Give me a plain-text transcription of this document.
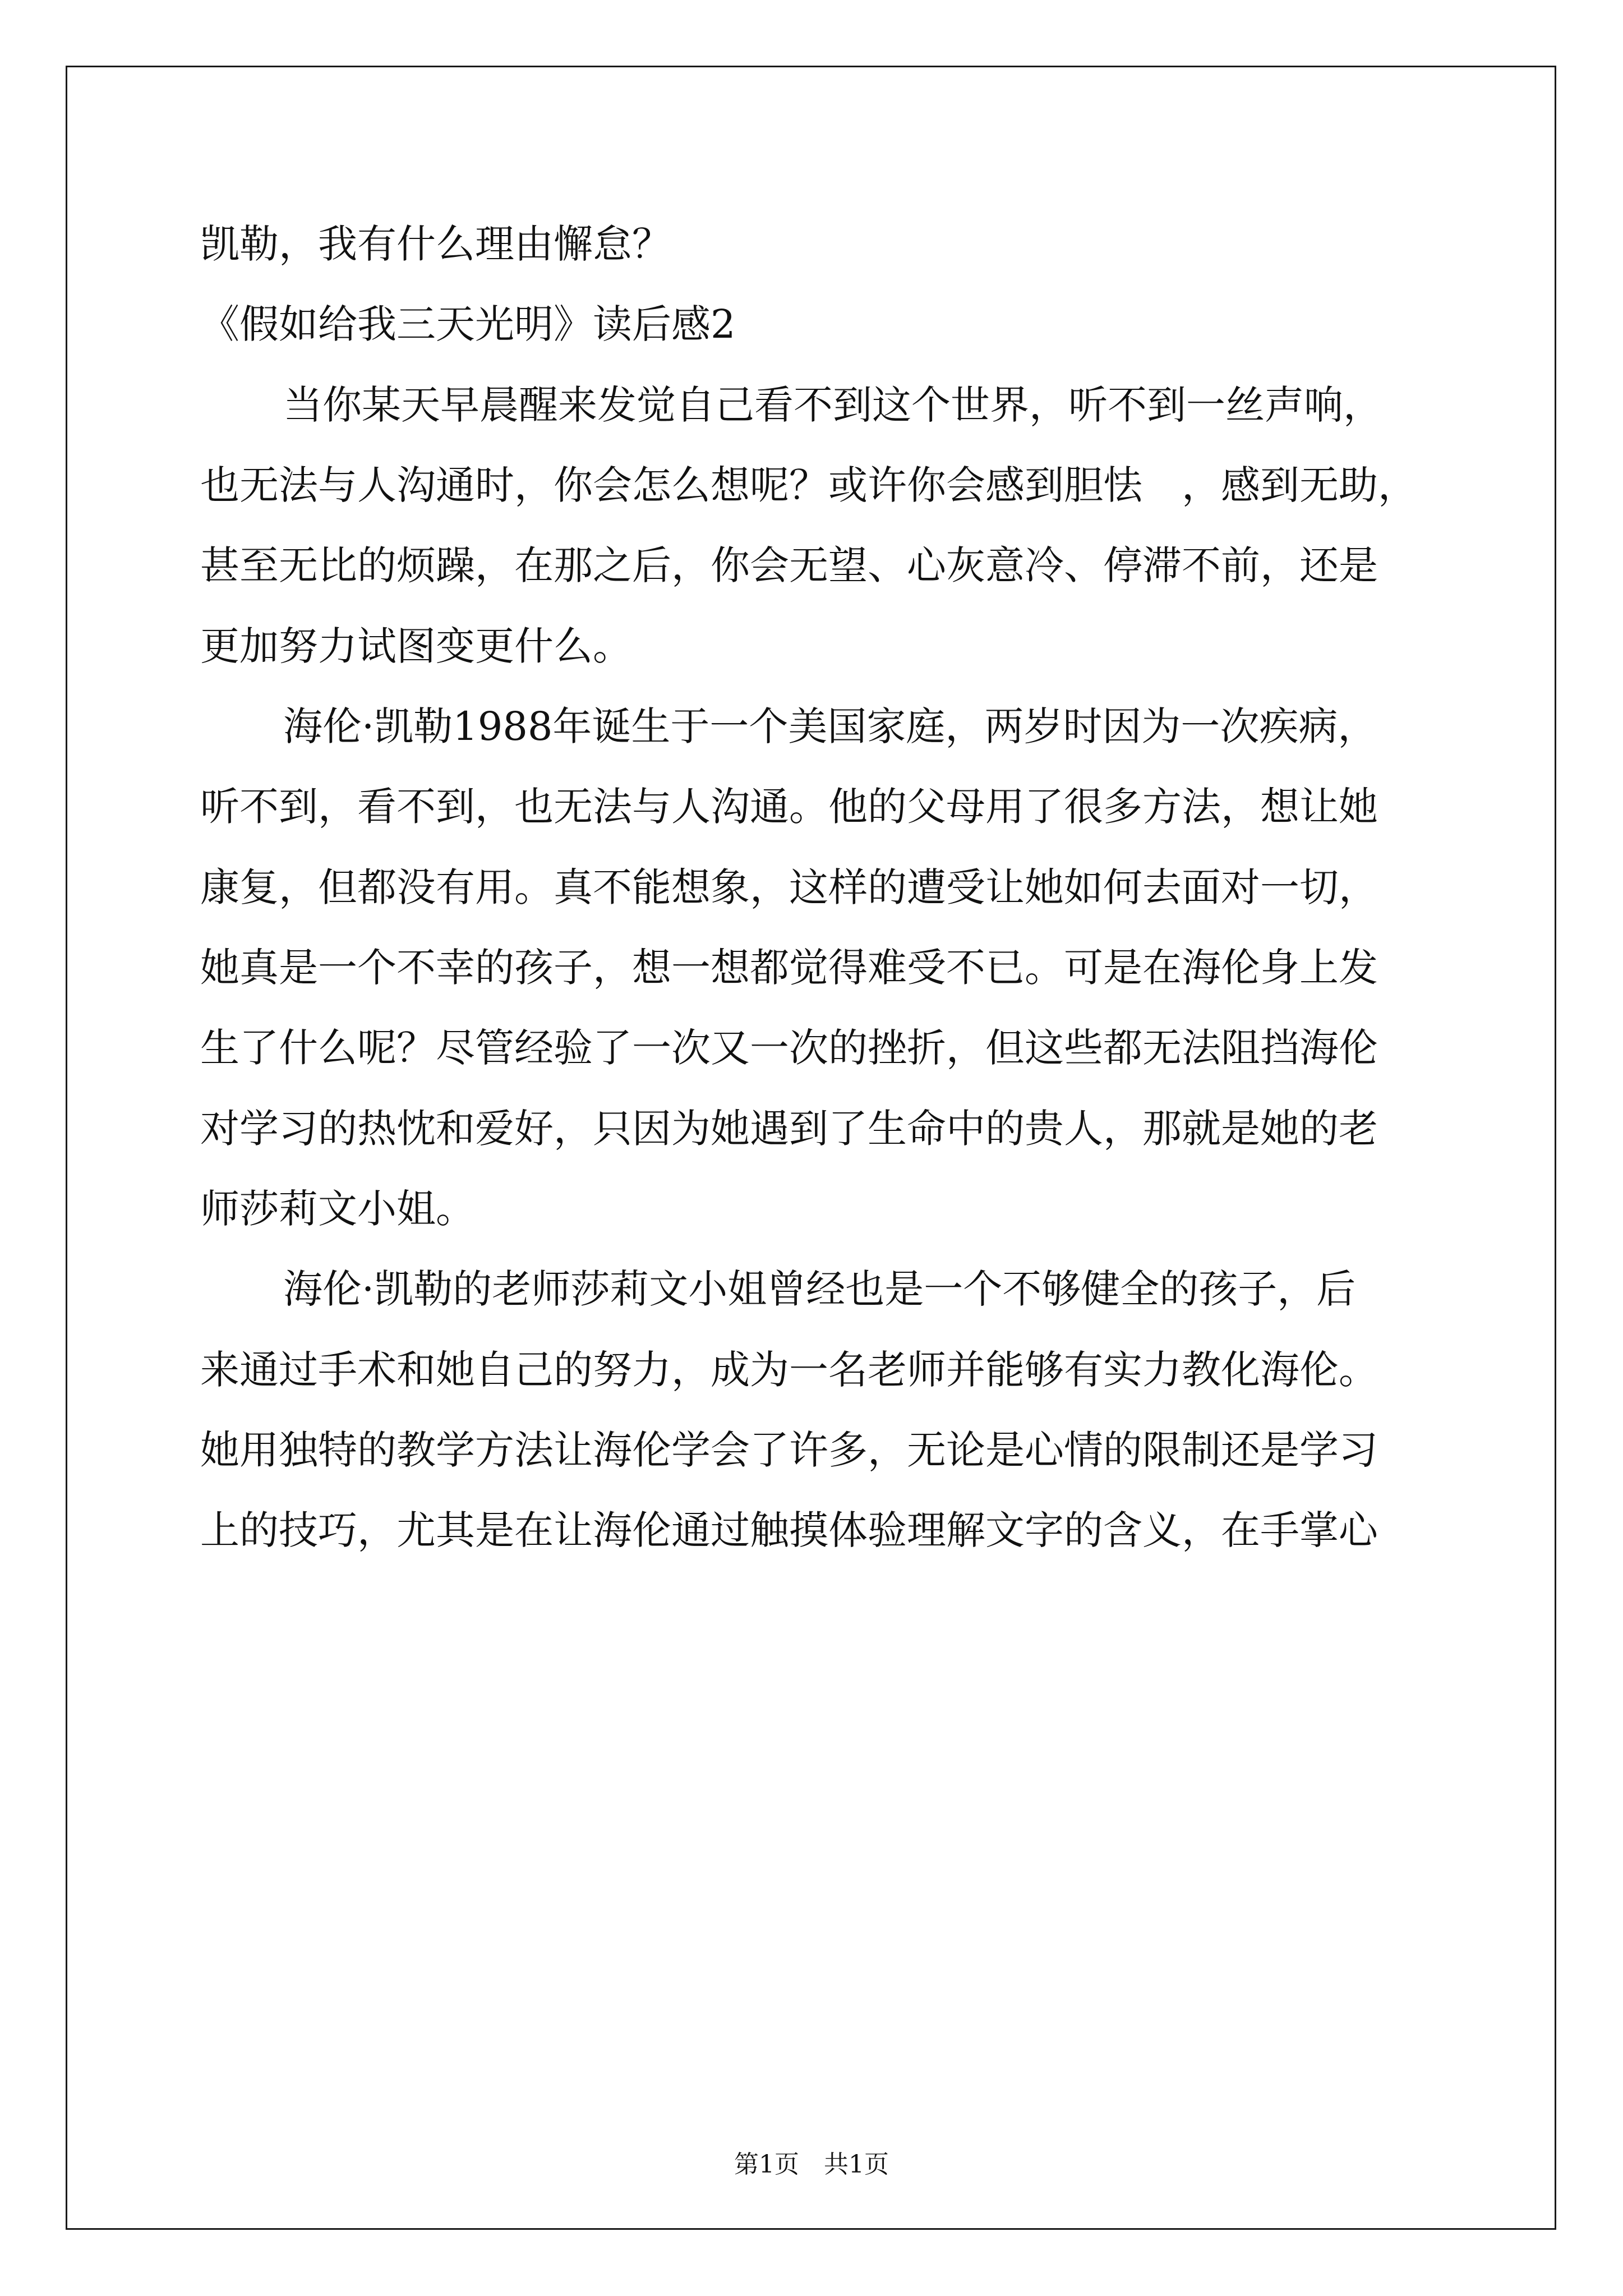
凯勒，我有什么理由懈怠？
《假如给我三天光明》读后感2
当你某天早晨醒来发觉自己看不到这个世界，听不到一丝声响，
也无法与人沟通时，你会怎么想呢？或许你会感到胆怯　，感到无助，
甚至无比的烦躁，在那之后，你会无望、心灰意冷、停滞不前，还是
更加努力试图变更什么。
海伦·凯勒1988年诞生于一个美国家庭，两岁时因为一次疾病，
听不到，看不到，也无法与人沟通。他的父母用了很多方法，想让她
康复，但都没有用。真不能想象，这样的遭受让她如何去面对一切，
她真是一个不幸的孩子，想一想都觉得难受不已。可是在海伦身上发
生了什么呢？尽管经验了一次又一次的挫折，但这些都无法阻挡海伦
对学习的热忱和爱好，只因为她遇到了生命中的贵人，那就是她的老
师莎莉文小姐。
海伦·凯勒的老师莎莉文小姐曾经也是一个不够健全的孩子，后
来通过手术和她自己的努力，成为一名老师并能够有实力教化海伦。
她用独特的教学方法让海伦学会了许多，无论是心情的限制还是学习
上的技巧，尤其是在让海伦通过触摸体验理解文字的含义，在手掌心
第1页　共1页
